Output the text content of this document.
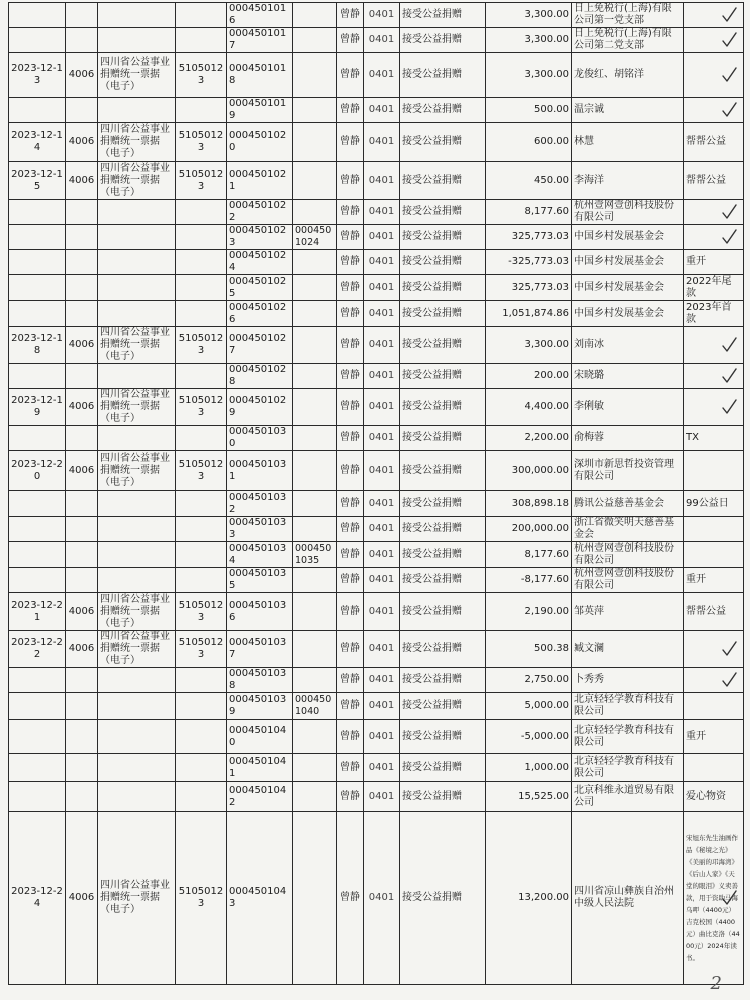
				0004501016		曾静	0401	接受公益捐赠	3,300.00	日上免税行(上海)有限公司第一党支部	

				0004501017		曾静	0401	接受公益捐赠	3,300.00	日上免税行(上海)有限公司第二党支部	

2023-12-13	4006	四川省公益事业捐赠统一票据（电子）	51050123	0004501018		曾静	0401	接受公益捐赠	3,300.00	龙俊红、胡铭洋	

				0004501019		曾静	0401	接受公益捐赠	500.00	温宗诚	

2023-12-14	4006	四川省公益事业捐赠统一票据（电子）	51050123	0004501020		曾静	0401	接受公益捐赠	600.00	林慧	帮帮公益
2023-12-15	4006	四川省公益事业捐赠统一票据（电子）	51050123	0004501021		曾静	0401	接受公益捐赠	450.00	李海洋	帮帮公益
				0004501022		曾静	0401	接受公益捐赠	8,177.60	杭州壹网壹创科技股份有限公司	

				0004501023	0004501024	曾静	0401	接受公益捐赠	325,773.03	中国乡村发展基金会	

				0004501024		曾静	0401	接受公益捐赠	-325,773.03	中国乡村发展基金会	重开
				0004501025		曾静	0401	接受公益捐赠	325,773.03	中国乡村发展基金会	2022年尾款
				0004501026		曾静	0401	接受公益捐赠	1,051,874.86	中国乡村发展基金会	2023年首款
2023-12-18	4006	四川省公益事业捐赠统一票据（电子）	51050123	0004501027		曾静	0401	接受公益捐赠	3,300.00	刘南冰	

				0004501028		曾静	0401	接受公益捐赠	200.00	宋晓璐	

2023-12-19	4006	四川省公益事业捐赠统一票据（电子）	51050123	0004501029		曾静	0401	接受公益捐赠	4,400.00	李俐敏	

				0004501030		曾静	0401	接受公益捐赠	2,200.00	俞梅蓉	TX
2023-12-20	4006	四川省公益事业捐赠统一票据（电子）	51050123	0004501031		曾静	0401	接受公益捐赠	300,000.00	深圳市新思哲投资管理有限公司	
				0004501032		曾静	0401	接受公益捐赠	308,898.18	腾讯公益慈善基金会	99公益日
				0004501033		曾静	0401	接受公益捐赠	200,000.00	浙江省微笑明天慈善基金会	
				0004501034	0004501035	曾静	0401	接受公益捐赠	8,177.60	杭州壹网壹创科技股份有限公司	
				0004501035		曾静	0401	接受公益捐赠	-8,177.60	杭州壹网壹创科技股份有限公司	重开
2023-12-21	4006	四川省公益事业捐赠统一票据（电子）	51050123	0004501036		曾静	0401	接受公益捐赠	2,190.00	邹英萍	帮帮公益
2023-12-22	4006	四川省公益事业捐赠统一票据（电子）	51050123	0004501037		曾静	0401	接受公益捐赠	500.38	臧文澜	

				0004501038		曾静	0401	接受公益捐赠	2,750.00	卜秀秀	

				0004501039	0004501040	曾静	0401	接受公益捐赠	5,000.00	北京轻轻学教育科技有限公司	
				0004501040		曾静	0401	接受公益捐赠	-5,000.00	北京轻轻学教育科技有限公司	重开
				0004501041		曾静	0401	接受公益捐赠	1,000.00	北京轻轻学教育科技有限公司	
				0004501042		曾静	0401	接受公益捐赠	15,525.00	北京科维永道贸易有限公司	爱心物资
2023-12-24	4006	四川省公益事业捐赠统一票据（电子）	51050123	0004501043		曾静	0401	接受公益捐赠	13,200.00	四川省凉山彝族自治州中级人民法院	宋旭东先生油画作品《秘境之光》《美丽的邛海湾》《后山人家》《天堂的眼泪》义卖善款，用于资助马海乌呷（4400元）吉克校国（4400元）曲比克洛（4400元）2024年读书。
2
